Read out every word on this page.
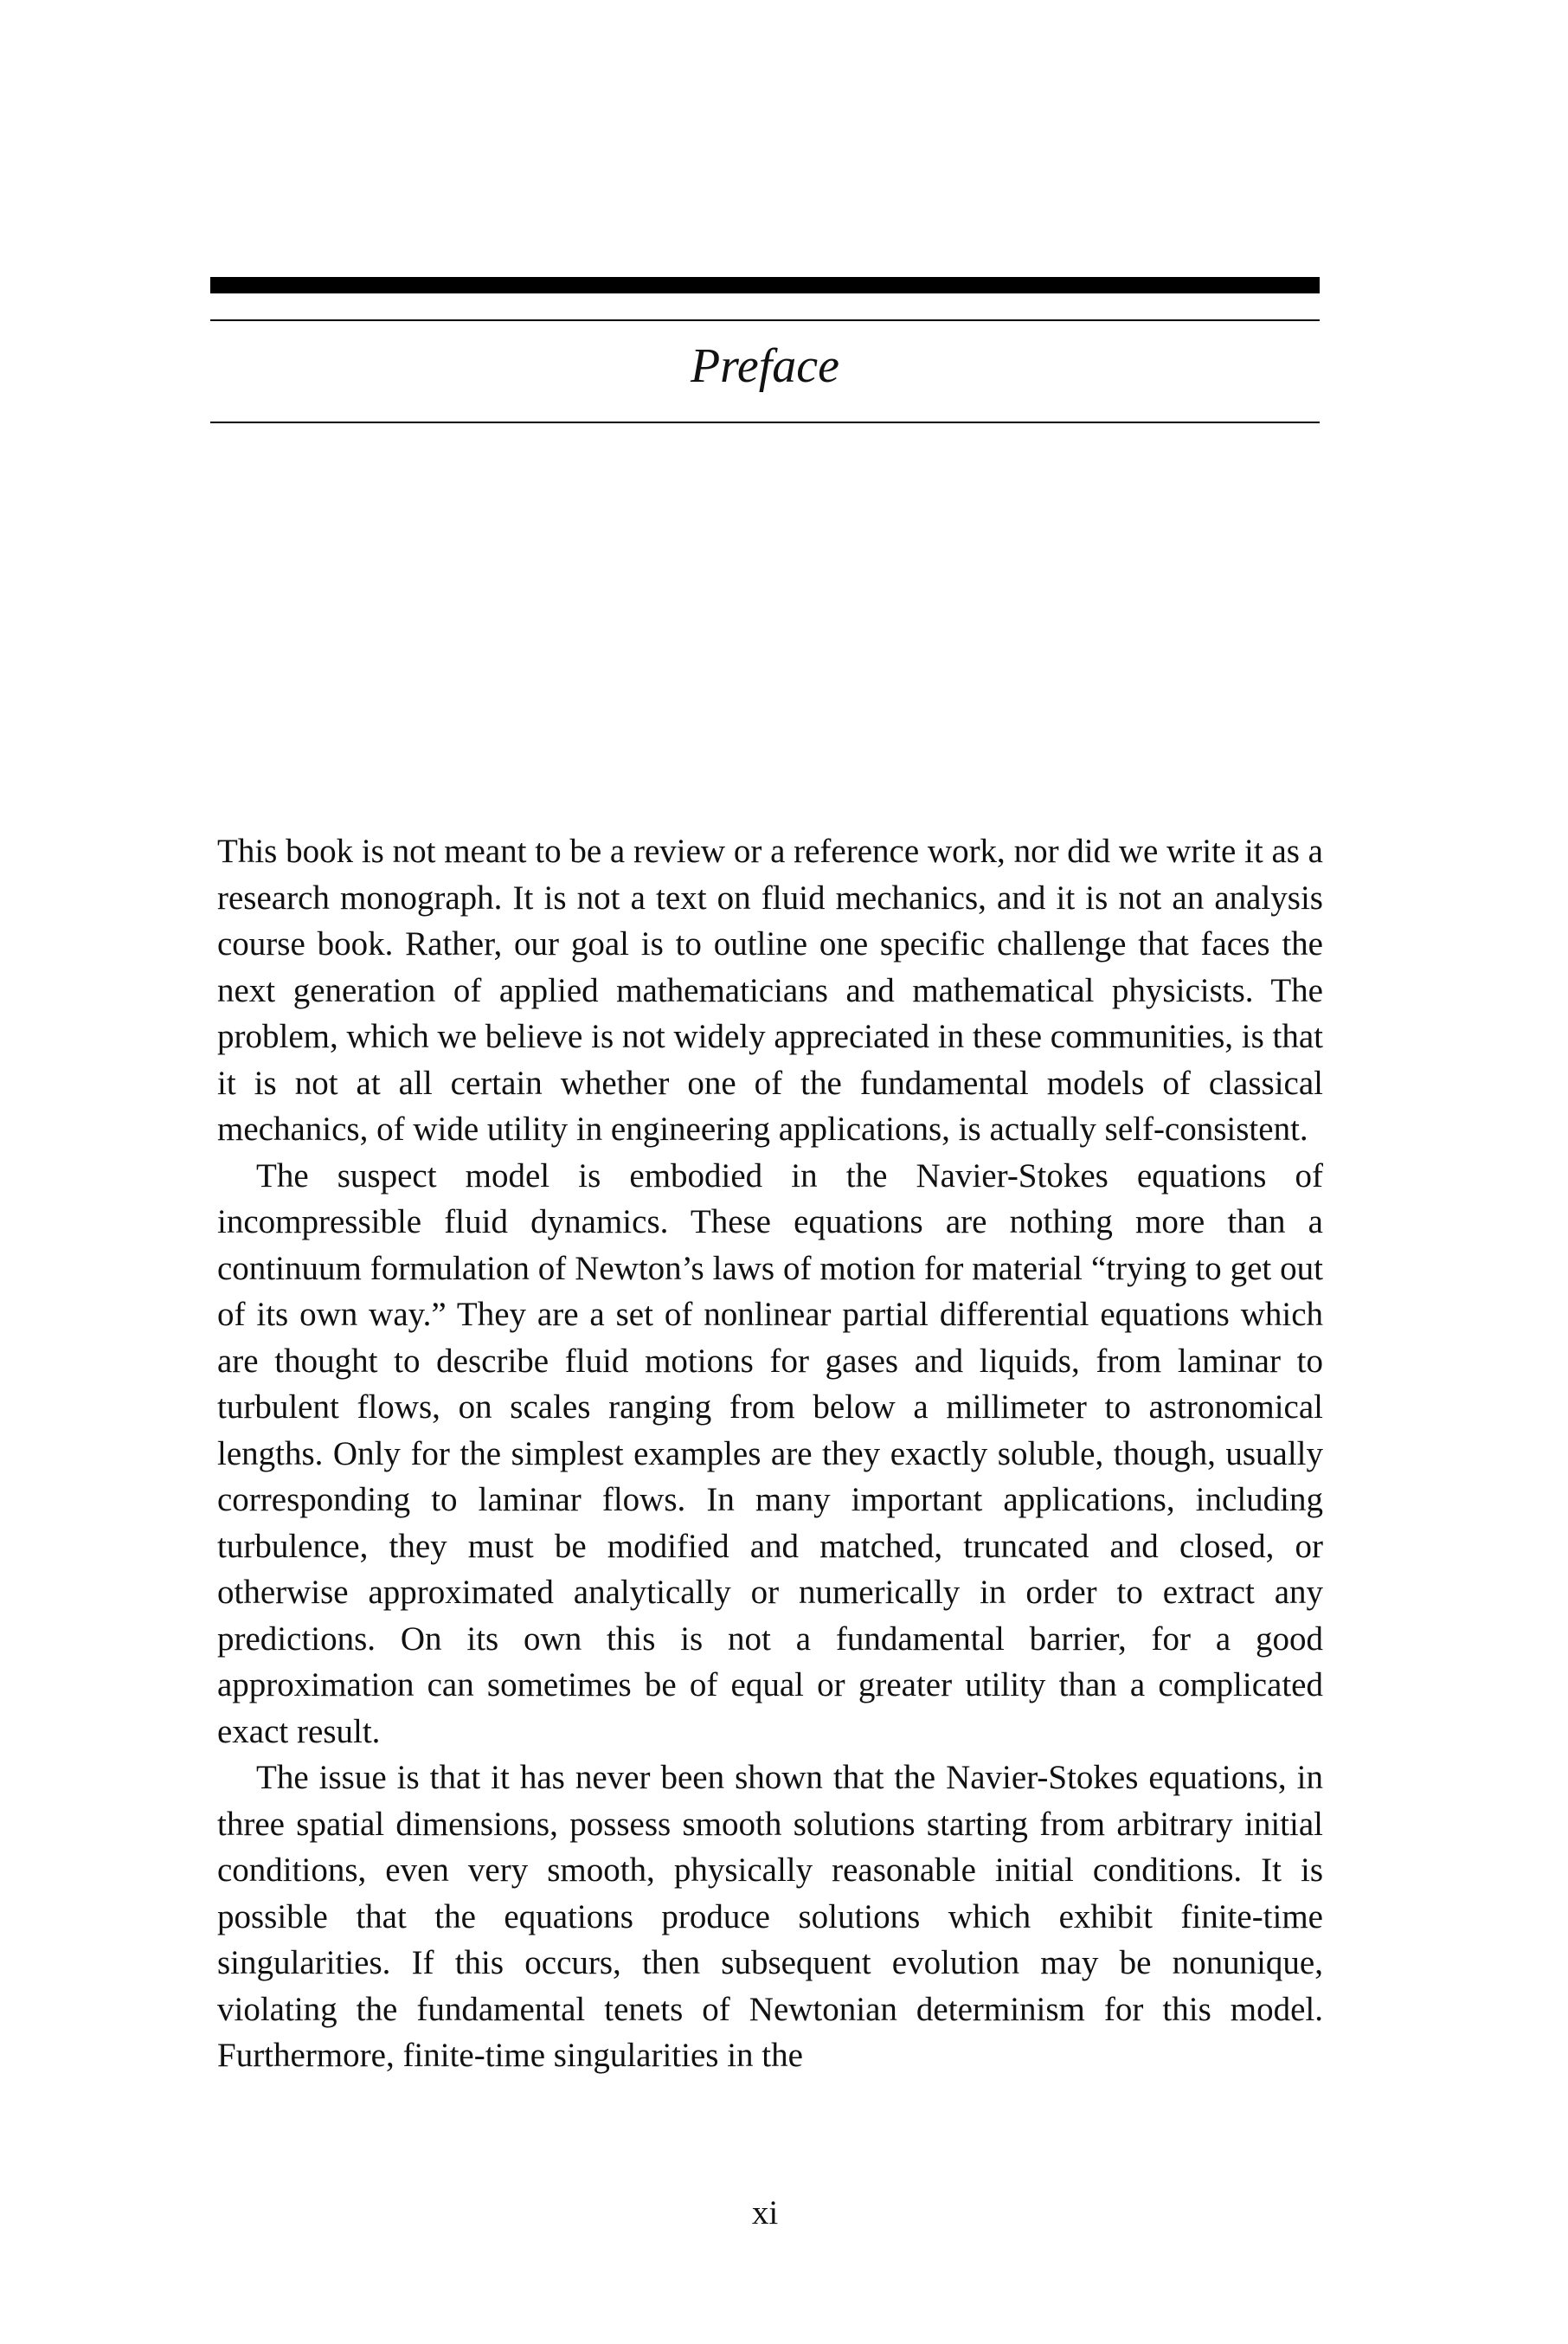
Preface

This book is not meant to be a review or a reference work, nor did we write it as a research monograph. It is not a text on fluid mechanics, and it is not an analysis course book. Rather, our goal is to outline one specific challenge that faces the next generation of applied mathematicians and mathematical physicists. The problem, which we believe is not widely appreciated in these communities, is that it is not at all certain whether one of the fundamental models of classical mechanics, of wide utility in engineering applications, is actually self-consistent.

The suspect model is embodied in the Navier-Stokes equations of incompressible fluid dynamics. These equations are nothing more than a continuum formulation of Newton’s laws of motion for material “trying to get out of its own way.” They are a set of nonlinear partial differential equations which are thought to describe fluid motions for gases and liquids, from laminar to turbulent flows, on scales ranging from below a millimeter to astronomical lengths. Only for the simplest examples are they exactly soluble, though, usually corresponding to laminar flows. In many important applications, including turbulence, they must be modified and matched, truncated and closed, or otherwise approximated analytically or numerically in order to extract any predictions. On its own this is not a fundamental barrier, for a good approximation can sometimes be of equal or greater utility than a complicated exact result.

The issue is that it has never been shown that the Navier-Stokes equations, in three spatial dimensions, possess smooth solutions starting from arbitrary initial conditions, even very smooth, physically reasonable initial conditions. It is possible that the equations produce solutions which exhibit finite-time singularities. If this occurs, then subsequent evolution may be nonunique, violating the fundamental tenets of Newtonian determinism for this model. Furthermore, finite-time singularities in the

xi
